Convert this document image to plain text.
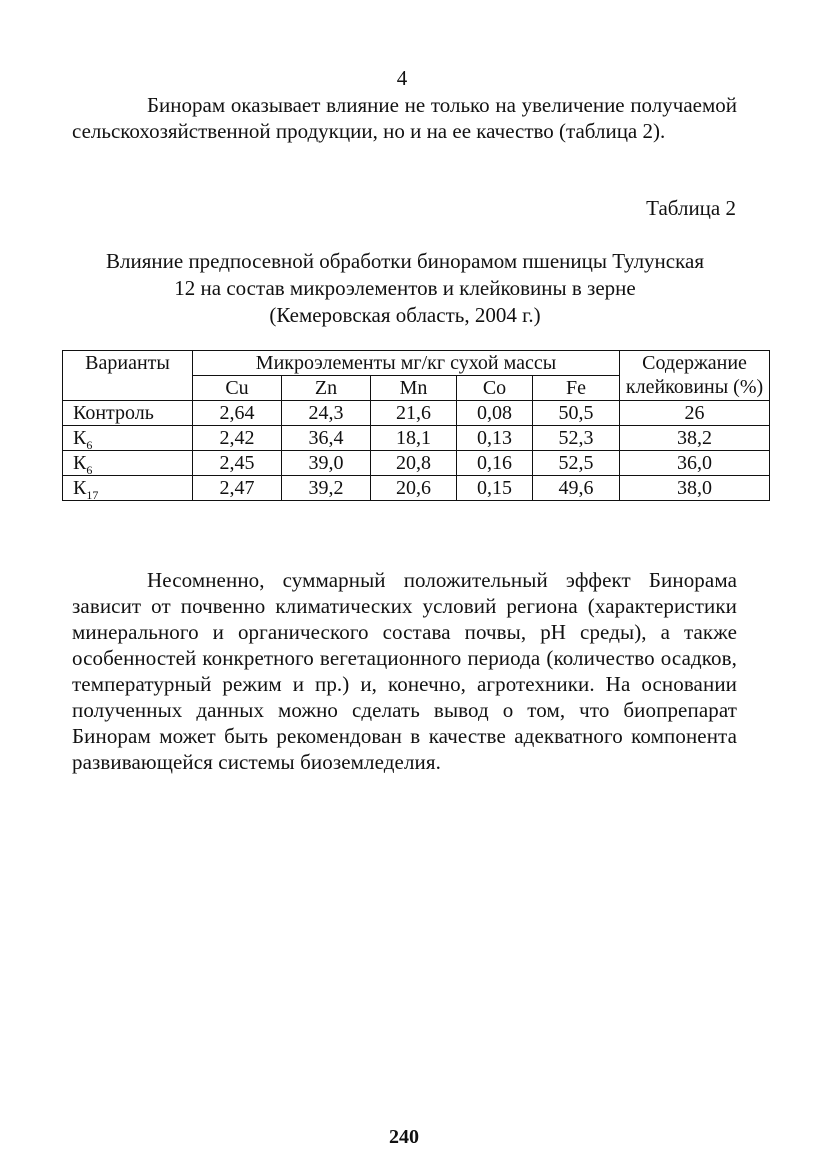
4
Бинорам оказывает влияние не только на увеличение получаемой сельскохозяйственной продукции, но и на ее качество (таблица 2).
Таблица 2
Влияние предпосевной обработки бинорамом пшеницы Тулунская
12 на состав микроэлементов и клейковины в зерне
(Кемеровская область, 2004 г.)
Варианты	Микроэлементы мг/кг сухой массы					Содержание клейковины (%)
	Cu	Zn	Mn	Co	Fe	
Контроль	2,64	24,3	21,6	0,08	50,5	26
$К_6$	2,42	36,4	18,1	0,13	52,3	38,2
$К_6$	2,45	39,0	20,8	0,16	52,5	36,0
$К_{17}$	2,47	39,2	20,6	0,15	49,6	38,0
Несомненно, суммарный положительный эффект Бинорама зависит от почвенно климатических условий региона (характеристики минерального и органического состава почвы, pH среды), а также особенностей конкретного вегетационного периода (количество осадков, температурный режим и пр.) и, конечно, агротехники. На основании полученных данных можно сделать вывод о том, что биопрепарат Бинорам может быть рекомендован в качестве адекватного компонента развивающейся системы биоземледелия.
240
